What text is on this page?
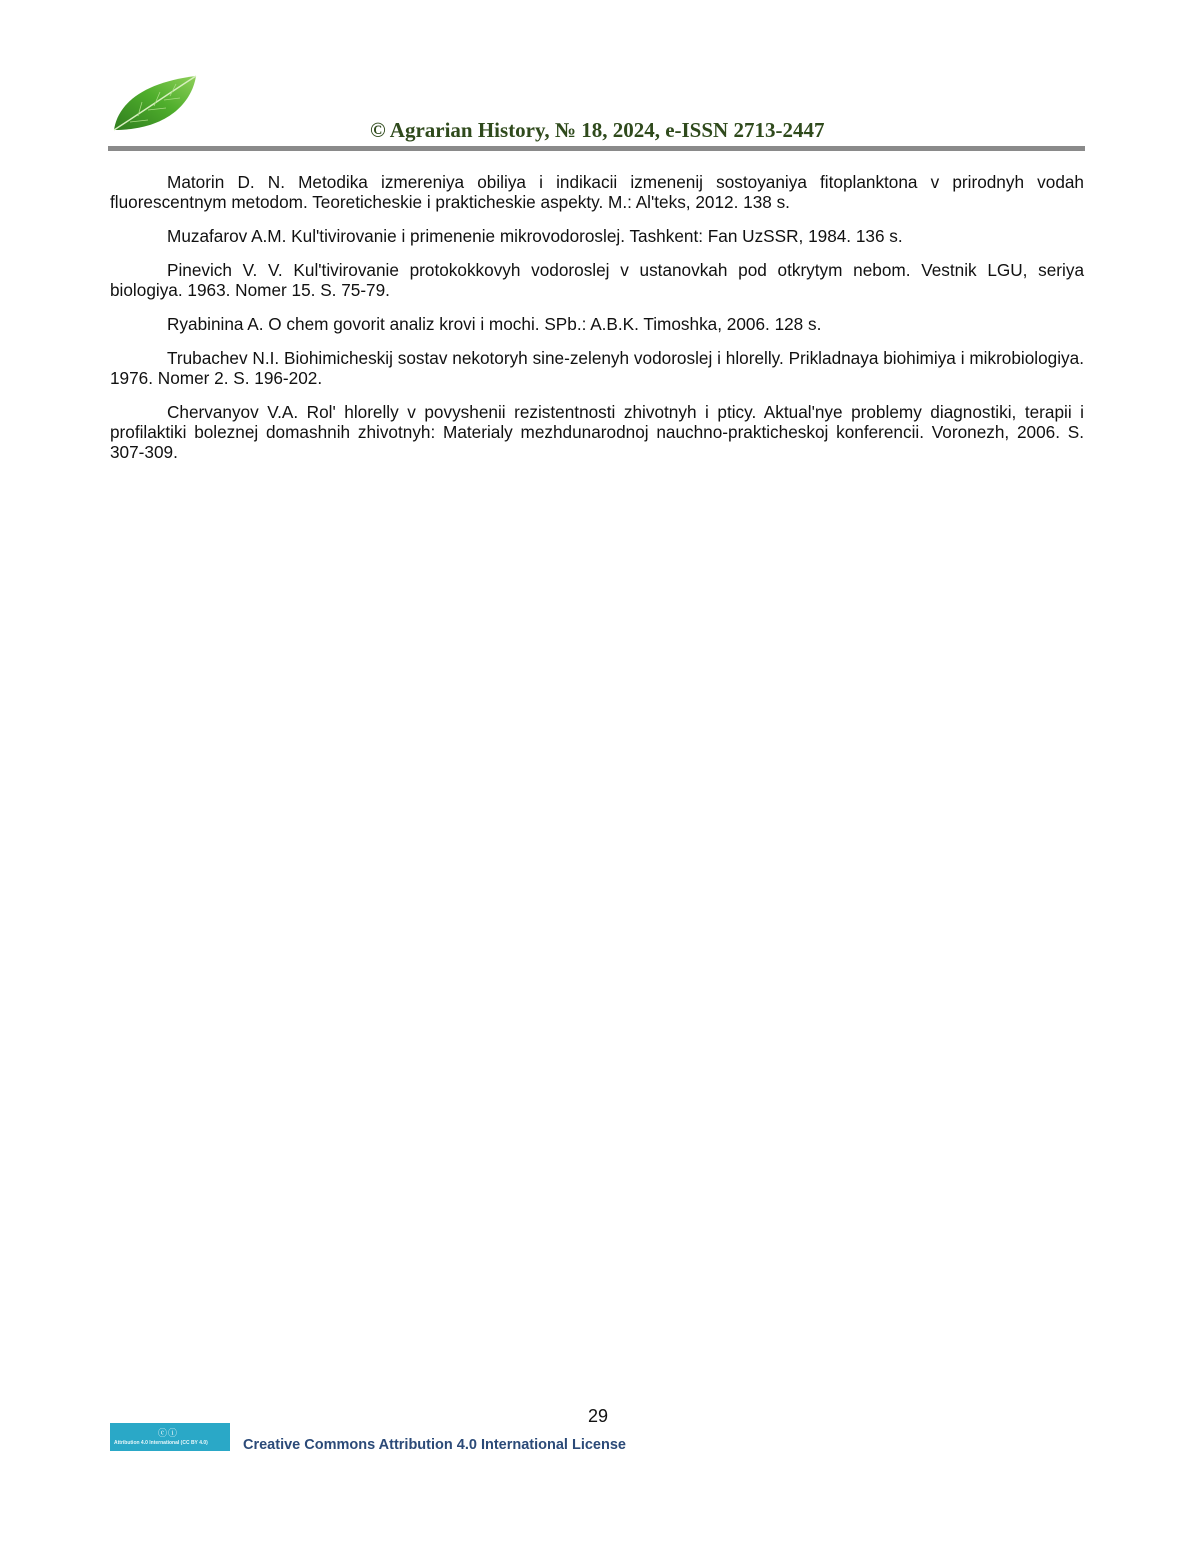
© Agrarian History, № 18, 2024, e-ISSN 2713-2447

Matorin D. N. Metodika izmereniya obiliya i indikacii izmenenij sostoyaniya fitoplanktona v prirodnyh vodah fluorescentnym metodom. Teoreticheskie i prakticheskie aspekty. M.: Al'teks, 2012. 138 s.

Muzafarov A.M. Kul'tivirovanie i primenenie mikrovodoroslej. Tashkent: Fan UzSSR, 1984. 136 s.

Pinevich V. V. Kul'tivirovanie protokokkovyh vodoroslej v ustanovkah pod otkrytym nebom. Vestnik LGU, seriya biologiya. 1963. Nomer 15. S. 75-79.

Ryabinina A. O chem govorit analiz krovi i mochi. SPb.: A.B.K. Timoshka, 2006. 128 s.

Trubachev N.I. Biohimicheskij sostav nekotoryh sine-zelenyh vodoroslej i hlorelly. Prikladnaya biohimiya i mikrobiologiya. 1976. Nomer 2. S. 196-202.

Chervanyov V.A. Rol' hlorelly v povyshenii rezistentnosti zhivotnyh i pticy. Aktual'nye problemy diagnostiki, terapii i profilaktiki boleznej domashnih zhivotnyh: Materialy mezhdunarodnoj nauchno-prakticheskoj konferencii. Voronezh, 2006. S. 307-309.

29
ⓒⓘ
Attribution 4.0 International (CC BY 4.0) Creative Commons Attribution 4.0 International License
